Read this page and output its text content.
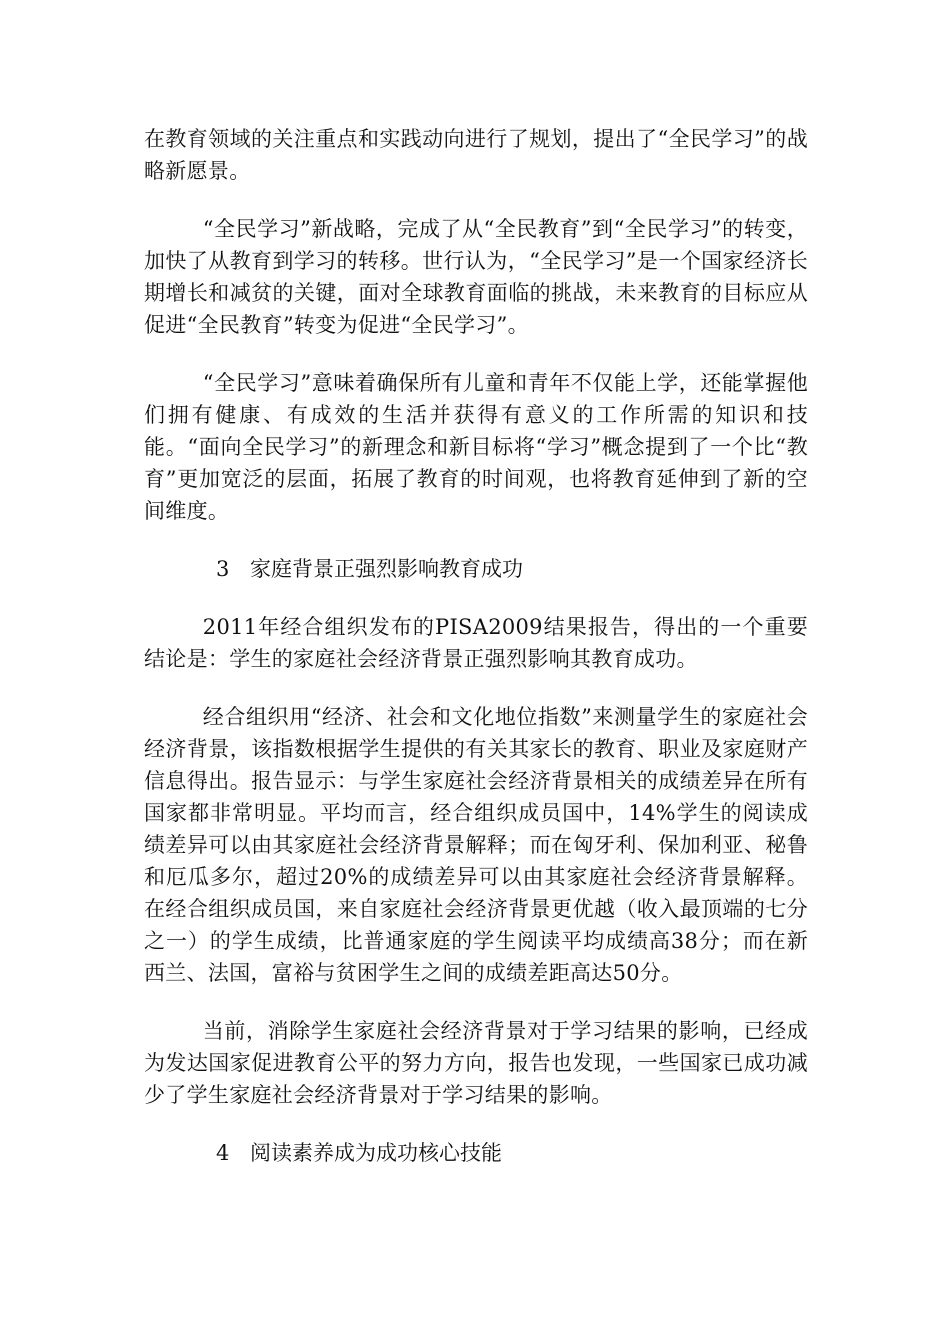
在教育领域的关注重点和实践动向进行了规划，提出了“全民学习”的战略新愿景。

“全民学习”新战略，完成了从“全民教育”到“全民学习”的转变，加快了从教育到学习的转移。世行认为，“全民学习”是一个国家经济长期增长和减贫的关键，面对全球教育面临的挑战，未来教育的目标应从促进“全民教育”转变为促进“全民学习”。

“全民学习”意味着确保所有儿童和青年不仅能上学，还能掌握他们拥有健康、有成效的生活并获得有意义的工作所需的知识和技能。“面向全民学习”的新理念和新目标将“学习”概念提到了一个比“教育”更加宽泛的层面，拓展了教育的时间观，也将教育延伸到了新的空间维度。

3 家庭背景正强烈影响教育成功

2011年经合组织发布的PISA2009结果报告，得出的一个重要结论是：学生的家庭社会经济背景正强烈影响其教育成功。

经合组织用“经济、社会和文化地位指数”来测量学生的家庭社会经济背景，该指数根据学生提供的有关其家长的教育、职业及家庭财产信息得出。报告显示：与学生家庭社会经济背景相关的成绩差异在所有国家都非常明显。平均而言，经合组织成员国中，14%学生的阅读成绩差异可以由其家庭社会经济背景解释；而在匈牙利、保加利亚、秘鲁和厄瓜多尔，超过20%的成绩差异可以由其家庭社会经济背景解释。在经合组织成员国，来自家庭社会经济背景更优越（收入最顶端的七分之一）的学生成绩，比普通家庭的学生阅读平均成绩高38分；而在新西兰、法国，富裕与贫困学生之间的成绩差距高达50分。

当前，消除学生家庭社会经济背景对于学习结果的影响，已经成为发达国家促进教育公平的努力方向，报告也发现，一些国家已成功减少了学生家庭社会经济背景对于学习结果的影响。

4 阅读素养成为成功核心技能
